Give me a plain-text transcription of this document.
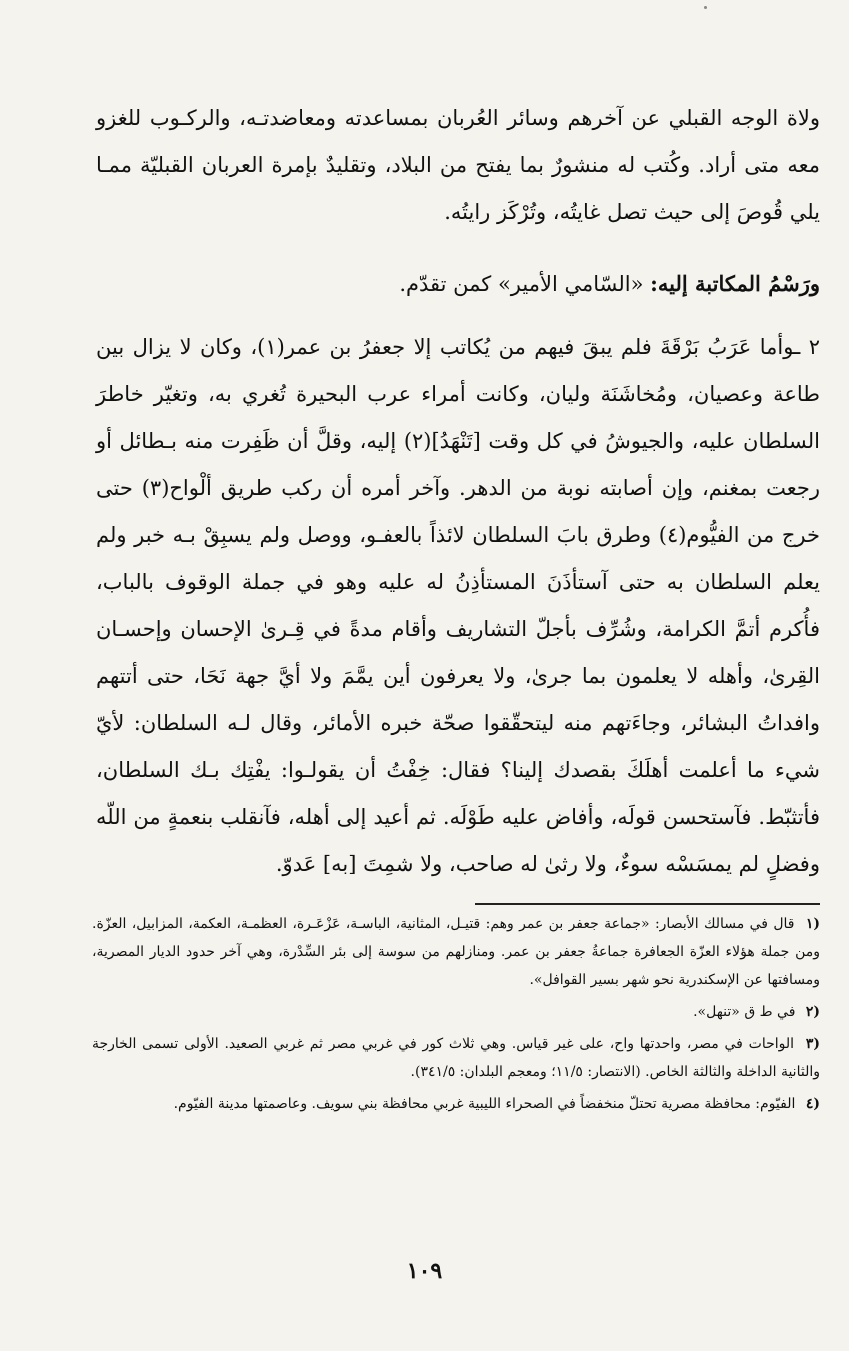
ولاة الوجه القبلي عن آخرهم وسائر العُربان بمساعدته ومعاضدتـه، والركـوب للغزو معه متى أراد. وكُتب له منشورٌ بما يفتح من البلاد، وتقليدٌ بإمرة العربان القبليّة ممـا يلي قُوصَ إلى حيث تصل غايتُه، وتُرْكَز رايتُه.

ورَسْمُ المكاتبة إليه: «السّامي الأمير» كمن تقدّم.

٢ ـوأما عَرَبُ بَرْقَةَ فلم يبقَ فيهم من يُكاتب إلا جعفرُ بن عمر(١)، وكان لا يزال بين طاعة وعصيان، ومُخاشَنَة وليان، وكانت أمراء عرب البحيرة تُغري به، وتغيّر خاطرَ السلطان عليه، والجيوشُ في كل وقت [تَنْهَدُ](٢) إليه، وقلَّ أن ظَفِرت منه بـطائل أو رجعت بمغنم، وإن أصابته نوبة من الدهر. وآخر أمره أن ركب طريق ألْواح(٣) حتى خرج من الفيُّوم(٤) وطرق بابَ السلطان لائذاً بالعفـو، ووصل ولم يسبِقْ بـه خبر ولم يعلم السلطان به حتى آستأذَنَ المستأذِنُ له عليه وهو في جملة الوقوف بالباب، فأُكرم أتمَّ الكرامة، وشُرِّف بأجلّ التشاريف وأقام مدةً في قِـرىٰ الإحسان وإحسـان القِرىٰ، وأهله لا يعلمون بما جرىٰ، ولا يعرفون أين يمَّمَ ولا أيَّ جهة نَحَا، حتى أتتهم وافداتُ البشائر، وجاءَتهم منه ليتحقّقوا صحّة خبره الأمائر، وقال لـه السلطان: لأيّ شيء ما أعلمت أهلَكَ بقصدك إلينا؟ فقال: خِفْتُ أن يقولـوا: يفْتِك بـك السلطان، فأتثبّط. فآستحسن قولَه، وأفاض عليه طَوْلَه. ثم أعيد إلى أهله، فآنقلب بنعمةٍ من اللّه وفضلٍ لم يمسَسْه سوءٌ، ولا رثىٰ له صاحب، ولا شمِتَ [به] عَدوّ.

(١ قال في مسالك الأبصار: «جماعة جعفر بن عمر وهم: قتيـل، المثانية، الباسـة، عَزْعَـرة، العظمـة، العكمة، المزابيل، العزّة. ومن جملة هؤلاء العزّة الجعافرة جماعةُ جعفر بن عمر. ومنازلهم من سوسة إلى بئر السِّدْرة، وهي آخر حدود الديار المصرية، ومسافتها عن الإسكندرية نحو شهر بسير القوافل».

(٢ في ط ق «تنهل».

(٣ الواحات في مصر، واحدتها واح، على غير قياس. وهي ثلاث كور في غربي مصر ثم غربي الصعيد. الأولى تسمى الخارجة والثانية الداخلة والثالثة الخاص. (الانتصار: ١١/٥؛ ومعجم البلدان: ٣٤١/٥).

(٤ الفيّوم: محافظة مصرية تحتلّ منخفضاً في الصحراء الليبية غربي محافظة بني سويف. وعاصمتها مدينة الفيّوم.

١٠٩
